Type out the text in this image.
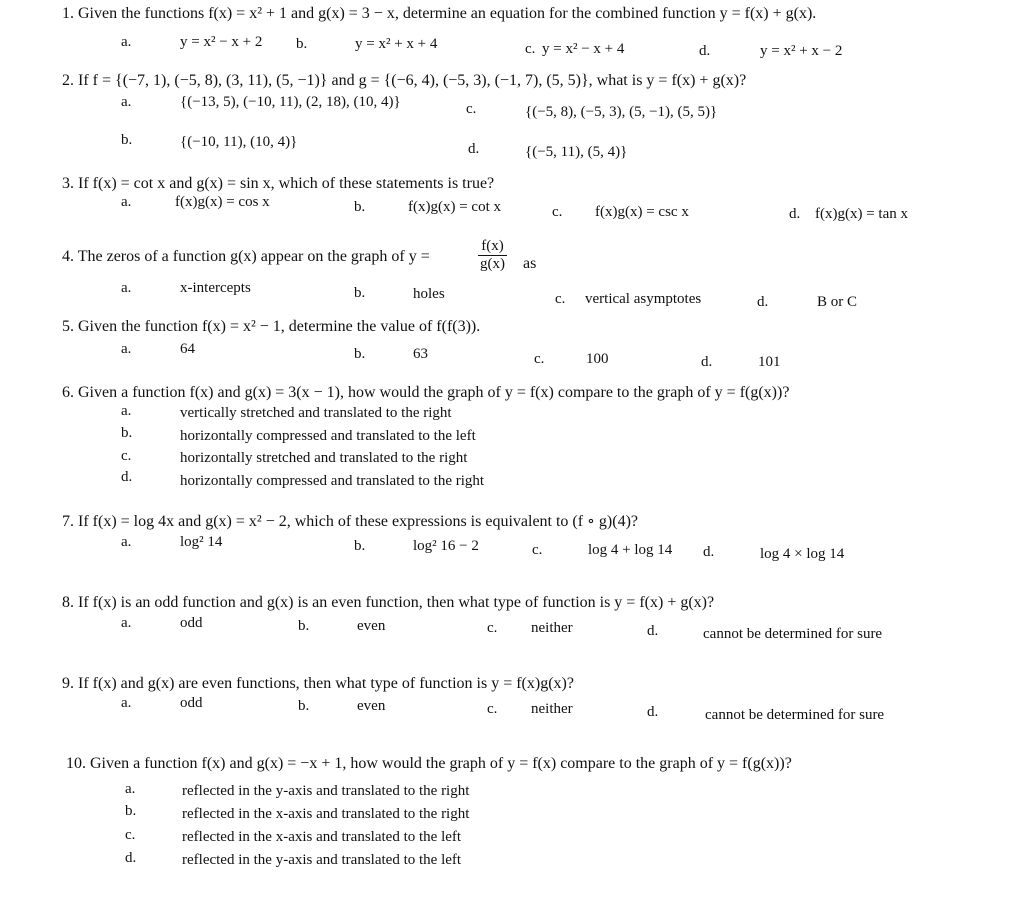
1. Given the functions f(x) = x² + 1 and g(x) = 3 − x, determine an equation for the combined function y = f(x) + g(x).
a.	y = x² − x + 2 b.	y = x² + x + 4	c. y = x² − x + 4	d.	y = x² + x − 2
2. If f = {(−7, 1), (−5, 8), (3, 11), (5, −1)} and g = {(−6, 4), (−5, 3), (−1, 7), (5, 5)}, what is y = f(x) + g(x)?
a.	{(−13, 5), (−10, 11), (2, 18), (10, 4)}	c.	{(−5, 8), (−5, 3), (5, −1), (5, 5)}
b.	{(−10, 11), (10, 4)}	d.	{(−5, 11), (5, 4)}
3. If f(x) = cot x and g(x) = sin x, which of these statements is true?
a.	f(x)g(x) = cos x	b.	f(x)g(x) = cot x	c. f(x)g(x) = csc x	d. f(x)g(x) = tan x
4. The zeros of a function g(x) appear on the graph of y =	$\frac{f(x)}{g(x)}$ as
a.	x-intercepts	b.	holes	c. vertical asymptotes	d.	B or C
5. Given the function f(x) = x² − 1, determine the value of f(f(3)).
a.	64	b.	63	c.	100	d.	101
6. Given a function f(x) and g(x) = 3(x − 1), how would the graph of y = f(x) compare to the graph of y = f(g(x))?
a.	vertically stretched and translated to the right
b.	horizontally compressed and translated to the left
c.	horizontally stretched and translated to the right
d.	horizontally compressed and translated to the right
7. If f(x) = log 4x and g(x) = x² − 2, which of these expressions is equivalent to (f ∘ g)(4)?
a.	log² 14	b.	log² 16 − 2	c.	log 4 + log 14 d.	log 4 × log 14
8. If f(x) is an odd function and g(x) is an even function, then what type of function is y = f(x) + g(x)?
a.	odd	b.	even	c. neither	d.	cannot be determined for sure
9. If f(x) and g(x) are even functions, then what type of function is y = f(x)g(x)?
a.	odd	b.	even	c. neither	d.	cannot be determined for sure
10. Given a function f(x) and g(x) = −x + 1, how would the graph of y = f(x) compare to the graph of y = f(g(x))?
a.	reflected in the y-axis and translated to the right
b.	reflected in the x-axis and translated to the right
c.	reflected in the x-axis and translated to the left
d.	reflected in the y-axis and translated to the left
